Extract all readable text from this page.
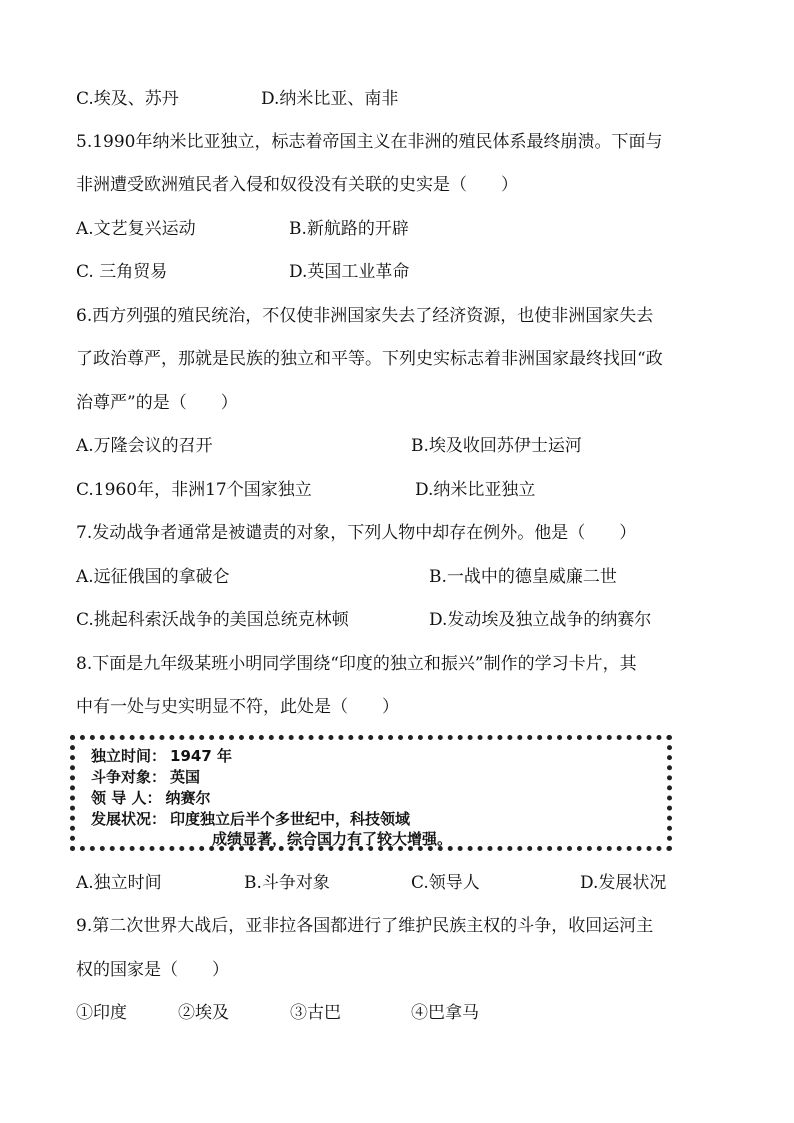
C.埃及、苏丹	D.纳米比亚、南非
5.1990年纳米比亚独立，标志着帝国主义在非洲的殖民体系最终崩溃。下面与
非洲遭受欧洲殖民者入侵和奴役没有关联的史实是（　　）
A.文艺复兴运动	B.新航路的开辟
C. 三角贸易	D.英国工业革命
6.西方列强的殖民统治，不仅使非洲国家失去了经济资源，也使非洲国家失去
了政治尊严，那就是民族的独立和平等。下列史实标志着非洲国家最终找回“政
治尊严”的是（　　）
A.万隆会议的召开	B.埃及收回苏伊士运河
C.1960年，非洲17个国家独立	D.纳米比亚独立
7.发动战争者通常是被谴责的对象，下列人物中却存在例外。他是（　　）
A.远征俄国的拿破仑	B.一战中的德皇威廉二世
C.挑起科索沃战争的美国总统克林顿	D.发动埃及独立战争的纳赛尔
8.下面是九年级某班小明同学围绕“印度的独立和振兴”制作的学习卡片，其
中有一处与史实明显不符，此处是（　　）
独立时间： 1947 年
斗争对象： 英国
领 导 人： 纳赛尔
发展状况： 印度独立后半个多世纪中，科技领域
成绩显著，综合国力有了较大增强。
A.独立时间	B.斗争对象	C.领导人	D.发展状况
9.第二次世界大战后，亚非拉各国都进行了维护民族主权的斗争，收回运河主
权的国家是（　　）
①印度	②埃及	③古巴	④巴拿马
